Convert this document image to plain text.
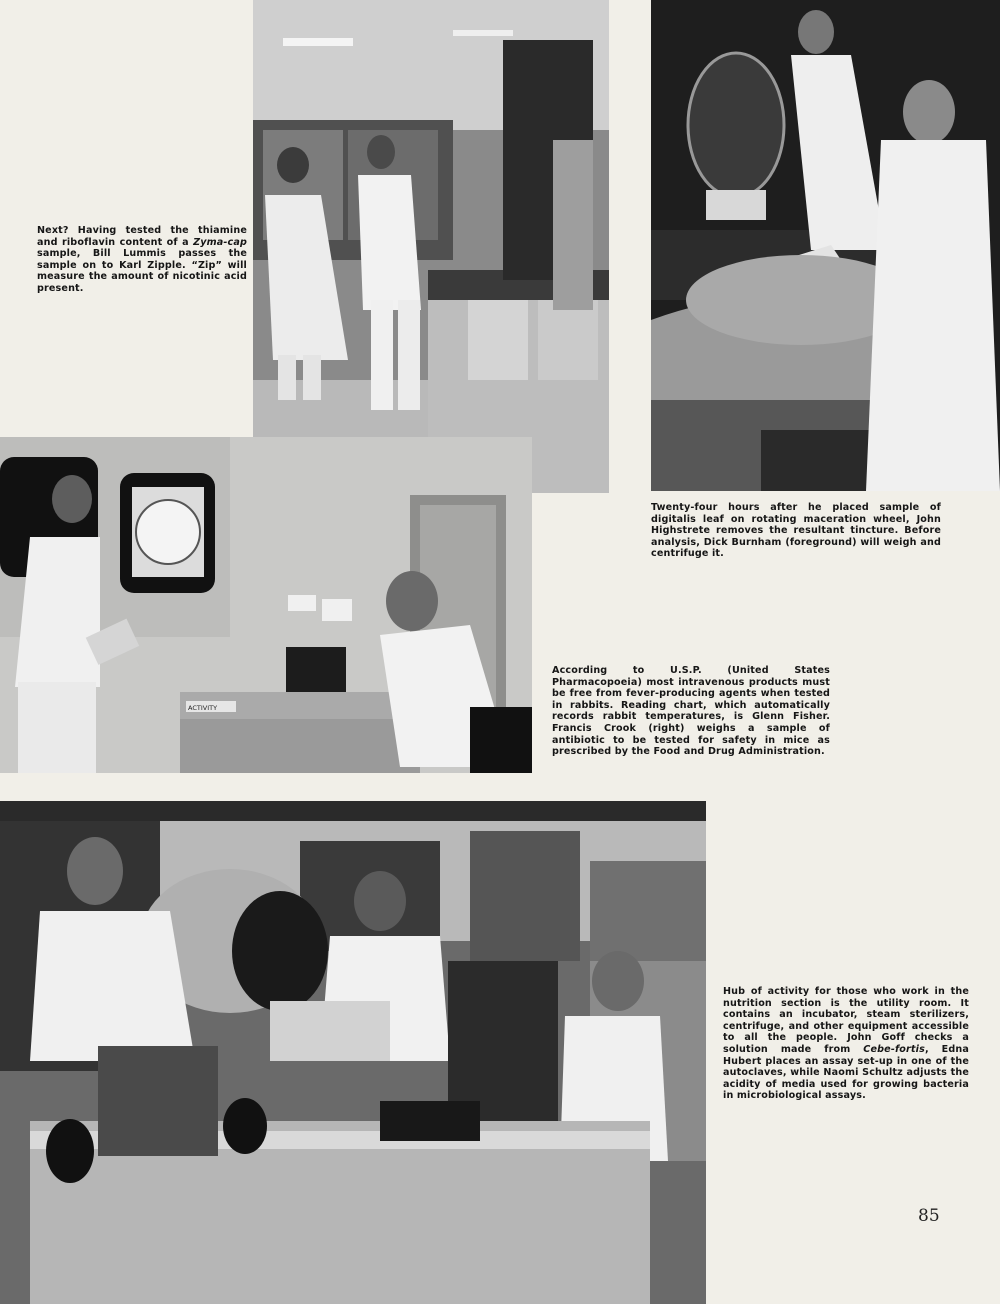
ACTIVITY
Next? Having tested the thiamine and riboflavin content of a Zyma-cap sample, Bill Lummis passes the sample on to Karl Zipple. “Zip” will measure the amount of nicotinic acid present.
Twenty-four hours after he placed sample of digitalis leaf on rotating maceration wheel, John Highstrete removes the resultant tincture. Before analysis, Dick Burnham (foreground) will weigh and centrifuge it.
According to U.S.P. (United States Pharmacopoeia) most intravenous products must be free from fever-producing agents when tested in rabbits. Reading chart, which automatically records rabbit temperatures, is Glenn Fisher. Francis Crook (right) weighs a sample of antibiotic to be tested for safety in mice as prescribed by the Food and Drug Administration.
Hub of activity for those who work in the nutrition section is the utility room. It contains an incubator, steam sterilizers, centrifuge, and other equipment accessible to all the people. John Goff checks a solution made from Cebe-fortis, Edna Hubert places an assay set-up in one of the autoclaves, while Naomi Schultz adjusts the acidity of media used for growing bacteria in microbiological assays.
85
